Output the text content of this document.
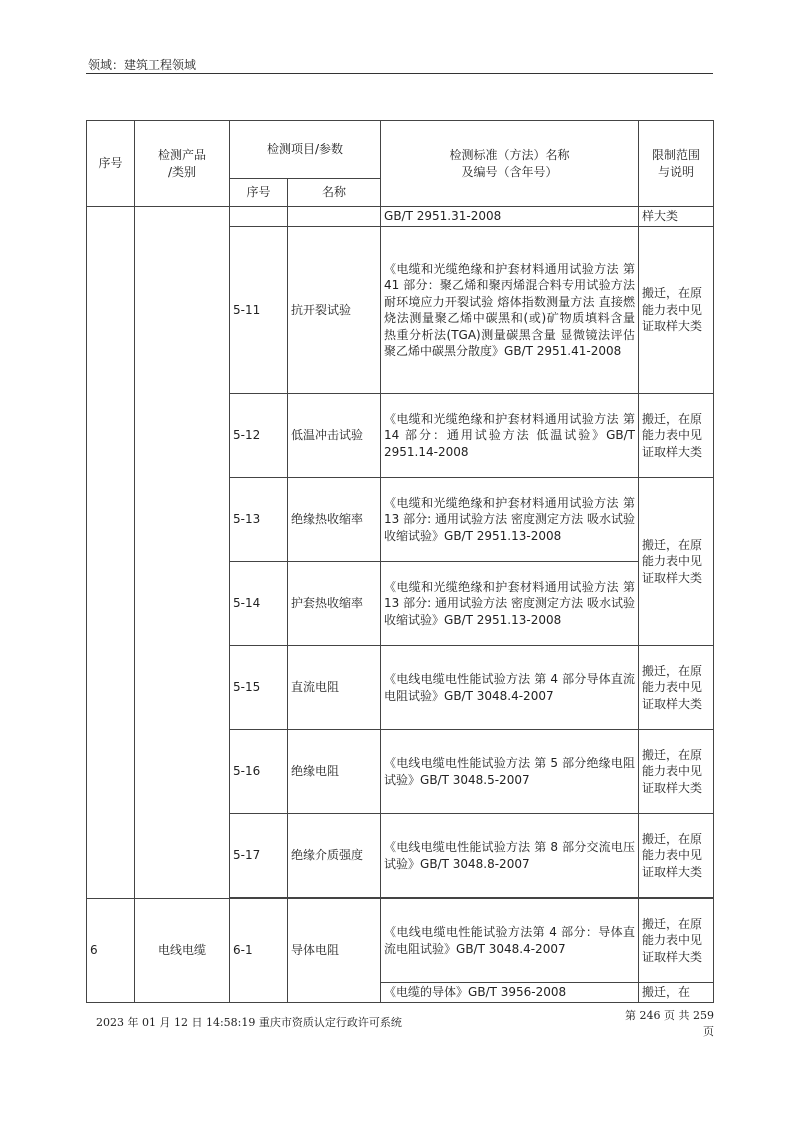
领域：建筑工程领域
序号	检测产品
/类别	检测项目/参数		检测标准（方法）名称
及编号（含年号）	限制范围
与说明
		序号	名称		
				GB/T 2951.31-2008	样大类
		5-11	抗开裂试验	《电缆和光缆绝缘和护套材料通用试验方法 第 41 部分：聚乙烯和聚丙烯混合料专用试验方法 耐环境应力开裂试验 熔体指数测量方法 直接燃烧法测量聚乙烯中碳黑和(或)矿物质填料含量 热重分析法(TGA)测量碳黑含量 显微镜法评估聚乙烯中碳黑分散度》GB/T 2951.41-2008	搬迁，在原能力表中见证取样大类
		5-12	低温冲击试验	《电缆和光缆绝缘和护套材料通用试验方法 第 14 部分：通用试验方法 低温试验》GB/T 2951.14-2008	搬迁，在原能力表中见证取样大类
		5-13	绝缘热收缩率	《电缆和光缆绝缘和护套材料通用试验方法 第 13 部分: 通用试验方法 密度测定方法 吸水试验 收缩试验》GB/T 2951.13-2008	搬迁，在原能力表中见证取样大类
		5-14	护套热收缩率	《电缆和光缆绝缘和护套材料通用试验方法 第 13 部分: 通用试验方法 密度测定方法 吸水试验 收缩试验》GB/T 2951.13-2008	
		5-15	直流电阻	《电线电缆电性能试验方法 第 4 部分导体直流电阻试验》GB/T 3048.4-2007	搬迁，在原能力表中见证取样大类
		5-16	绝缘电阻	《电线电缆电性能试验方法 第 5 部分绝缘电阻试验》GB/T 3048.5-2007	搬迁，在原能力表中见证取样大类
		5-17	绝缘介质强度	《电线电缆电性能试验方法 第 8 部分交流电压试验》GB/T 3048.8-2007	搬迁，在原能力表中见证取样大类

6	电线电缆	6-1	导体电阻	《电线电缆电性能试验方法第 4 部分：导体直流电阻试验》GB/T 3048.4-2007	搬迁，在原能力表中见证取样大类
				《电缆的导体》GB/T 3956-2008	搬迁，在
2023 年 01 月 12 日 14:58:19 重庆市资质认定行政许可系统
第 246 页 共 259 页
